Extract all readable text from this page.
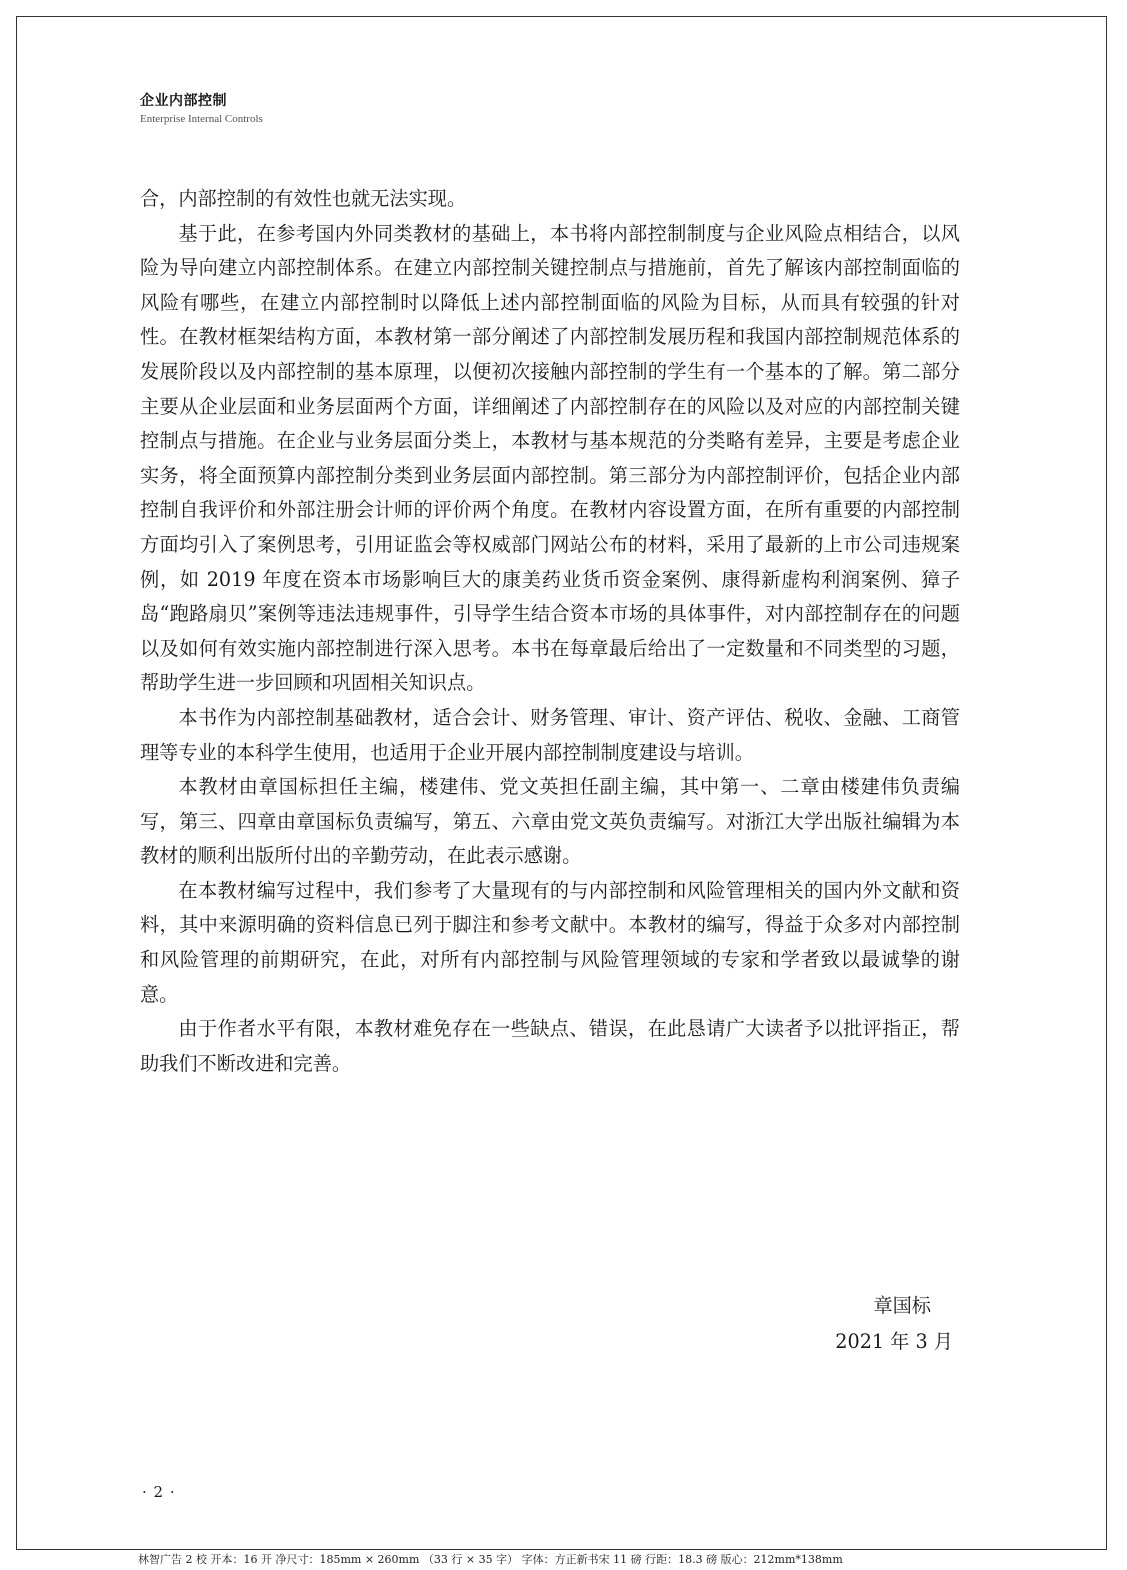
企业内部控制
Enterprise Internal Controls

合，内部控制的有效性也就无法实现。

基于此，在参考国内外同类教材的基础上，本书将内部控制制度与企业风险点相结合，以风险为导向建立内部控制体系。在建立内部控制关键控制点与措施前，首先了解该内部控制面临的风险有哪些，在建立内部控制时以降低上述内部控制面临的风险为目标，从而具有较强的针对性。在教材框架结构方面，本教材第一部分阐述了内部控制发展历程和我国内部控制规范体系的发展阶段以及内部控制的基本原理，以便初次接触内部控制的学生有一个基本的了解。第二部分主要从企业层面和业务层面两个方面，详细阐述了内部控制存在的风险以及对应的内部控制关键控制点与措施。在企业与业务层面分类上，本教材与基本规范的分类略有差异，主要是考虑企业实务，将全面预算内部控制分类到业务层面内部控制。第三部分为内部控制评价，包括企业内部控制自我评价和外部注册会计师的评价两个角度。在教材内容设置方面，在所有重要的内部控制方面均引入了案例思考，引用证监会等权威部门网站公布的材料，采用了最新的上市公司违规案例，如 2019 年度在资本市场影响巨大的康美药业货币资金案例、康得新虚构利润案例、獐子岛“跑路扇贝”案例等违法违规事件，引导学生结合资本市场的具体事件，对内部控制存在的问题以及如何有效实施内部控制进行深入思考。本书在每章最后给出了一定数量和不同类型的习题，帮助学生进一步回顾和巩固相关知识点。

本书作为内部控制基础教材，适合会计、财务管理、审计、资产评估、税收、金融、工商管理等专业的本科学生使用，也适用于企业开展内部控制制度建设与培训。

本教材由章国标担任主编，楼建伟、党文英担任副主编，其中第一、二章由楼建伟负责编写，第三、四章由章国标负责编写，第五、六章由党文英负责编写。对浙江大学出版社编辑为本教材的顺利出版所付出的辛勤劳动，在此表示感谢。

在本教材编写过程中，我们参考了大量现有的与内部控制和风险管理相关的国内外文献和资料，其中来源明确的资料信息已列于脚注和参考文献中。本教材的编写，得益于众多对内部控制和风险管理的前期研究，在此，对所有内部控制与风险管理领域的专家和学者致以最诚挚的谢意。

由于作者水平有限，本教材难免存在一些缺点、错误，在此恳请广大读者予以批评指正，帮助我们不断改进和完善。

章国标
2021 年 3 月
· 2 ·
林智广告 2 校 开本：16 开 净尺寸：185mm × 260mm （33 行 × 35 字） 字体：方正新书宋 11 磅 行距：18.3 磅 版心：212mm*138mm
